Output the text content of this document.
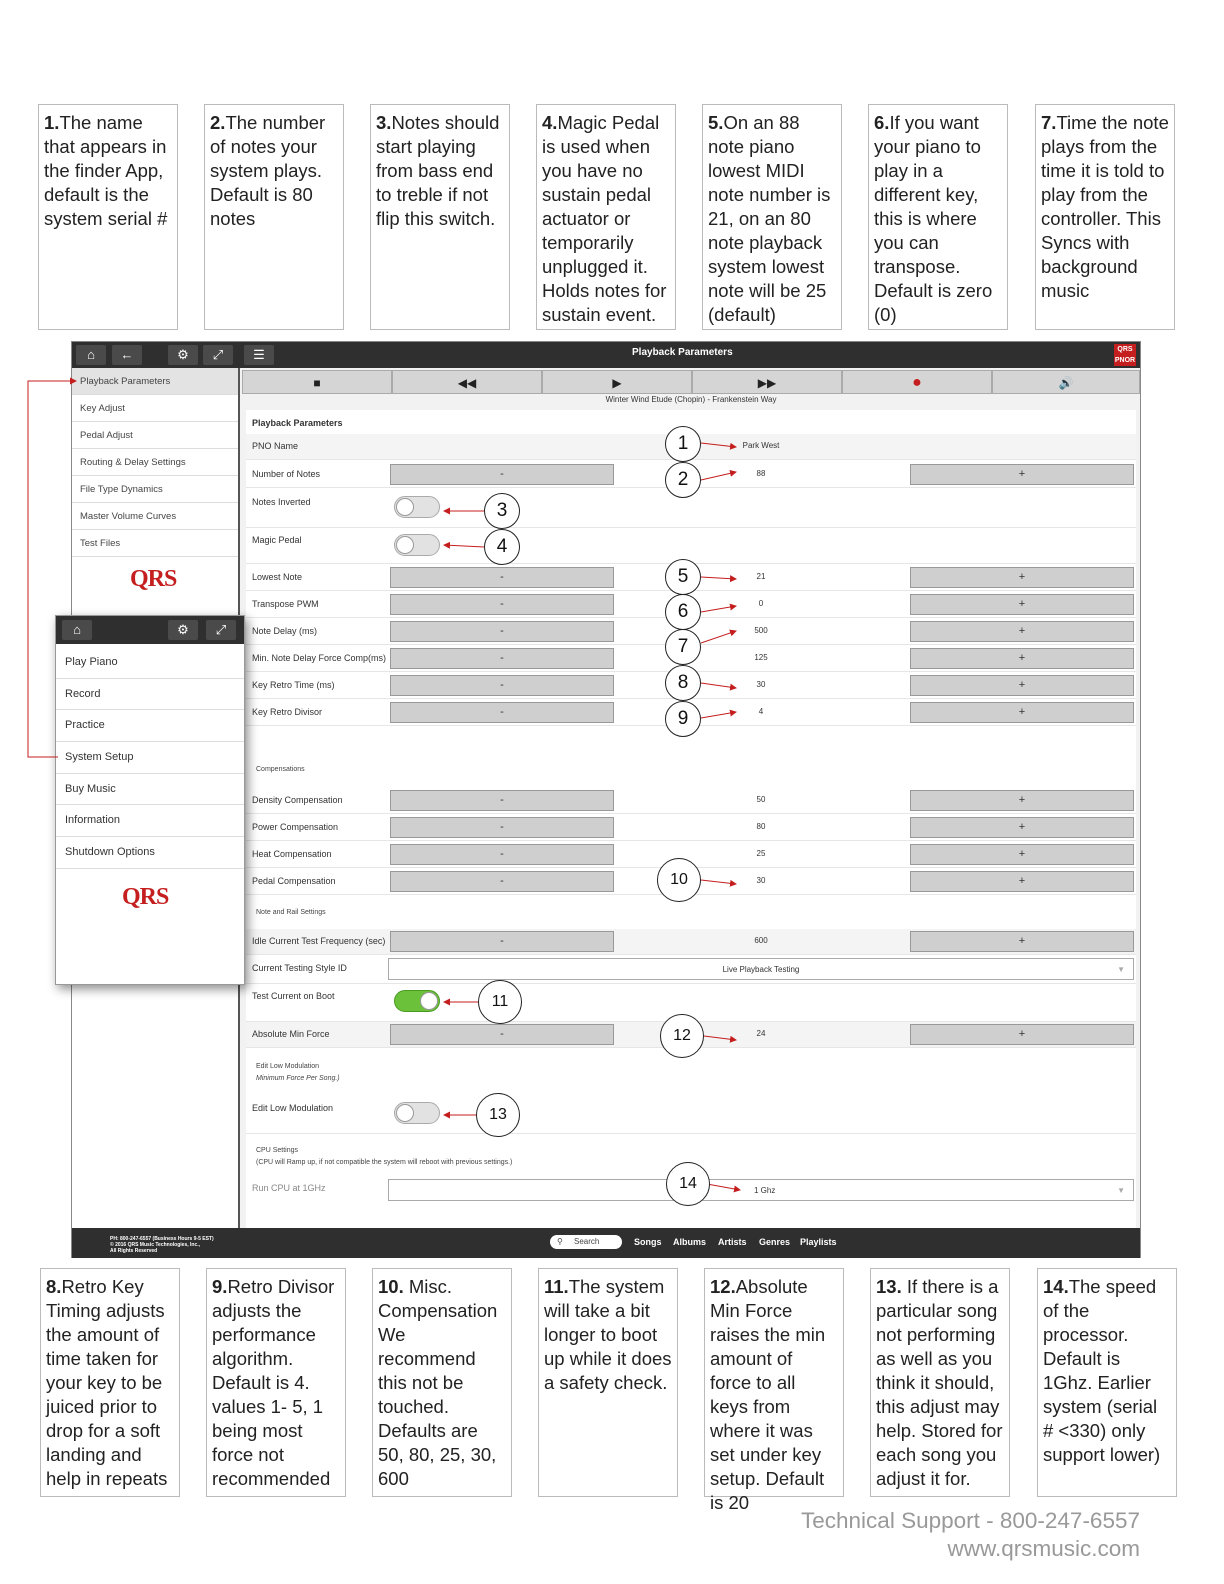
1.The name that appears in the finder App, default is the system serial #
2.The number of notes your system plays. Default is 80 notes
3.Notes should start playing from bass end to treble if not flip this switch.
4.Magic Pedal is used when you have no sustain pedal actuator or temporarily unplugged it. Holds notes for sustain event.
5.On an 88 note piano lowest MIDI note number is 21, on an 80 note playback system lowest note will be 25 (default)
6.If you want your piano to play in a different key, this is where you can transpose. Default is zero (0)
7.Time the note plays from the time it is told to play from the controller. This Syncs with background music
⌂	←	⚙	⤢	☰	Playback Parameters	QRS PNOR
Playback Parameters
Key Adjust
Pedal Adjust
Routing & Delay Settings
File Type Dynamics
Master Volume Curves
Test Files
QRS
■	◀◀	▶	▶▶	●	🔊
Winter Wind Etude (Chopin) - Frankenstein Way
Playback Parameters
PNO Name	Park West
Number of Notes	-	88	+
Notes Inverted
Magic Pedal
Lowest Note	-	21	+
Transpose PWM	-	0	+
Note Delay (ms)	-	500	+
Min. Note Delay Force Comp(ms)	-	125	+
Key Retro Time (ms)	-	30	+
Key Retro Divisor	-	4	+
Compensations
Density Compensation	-	50	+
Power Compensation	-	80	+
Heat Compensation	-	25	+
Pedal Compensation	-	30	+
Note and Rail Settings
Idle Current Test Frequency (sec)	-	600	+
Current Testing Style ID	Live Playback Testing	▼
Test Current on Boot
Absolute Min Force	-	24	+
Edit Low Modulation
Minimum Force Per Song.)
Edit Low Modulation
CPU Settings
(CPU will Ramp up, if not compatible the system will reboot with previous settings.)
Run CPU at 1GHz	1 Ghz	▼
PH: 800-247-6557 (Business Hours 9-5 EST)
© 2016 QRS Music Technologies, Inc.,
All Rights Reserved
⚲ Search	Songs Albums Artists Genres Playlists
⌂	⚙	⤢
Play Piano
Record
Practice
System Setup
Buy Music
Information
Shutdown Options
QRS
1
2
3
4
5
6
7
8
9
10
11
12
13
14
8.Retro Key Timing adjusts the amount of time taken for your key to be juiced prior to drop for a soft landing and help in repeats
9.Retro Divisor adjusts the performance algorithm. Default is 4. values 1- 5, 1 being most force not recommended
10. Misc. Compensation We recommend this not be touched. Defaults are 50, 80, 25, 30, 600
11.The system will take a bit longer to boot up while it does a safety check.
12.Absolute Min Force raises the min amount of force to all keys from where it was set under key setup. Default is 20
13. If there is a particular song not performing as well as you think it should, this adjust may help. Stored for each song you adjust it for.
14.The speed of the processor. Default is 1Ghz. Earlier system (serial # <330) only support lower)
Technical Support - 800-247-6557
www.qrsmusic.com
